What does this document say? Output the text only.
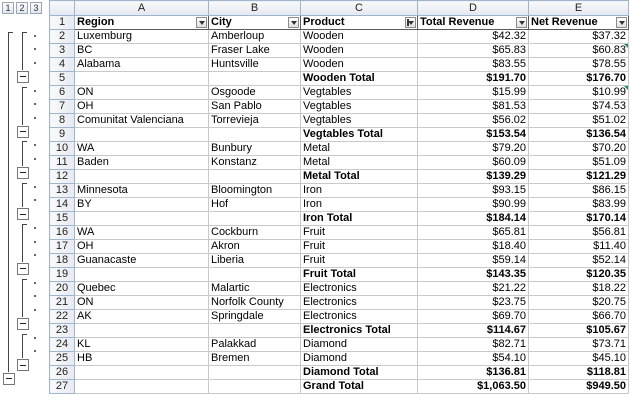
1 2 3
		A	B	C	D	E
1	Region	City	Product	Total Revenue	Net Revenue

2	Luxemburg	Amberloup	Wooden	$42.32	$37.32
3	BC	Fraser Lake	Wooden	$65.83	$60.83
4	Alabama	Huntsville	Wooden	$83.55	$78.55
5			Wooden Total	$191.70	$176.70
6	ON	Osgoode	Vegtables	$15.99	$10.99
7	OH	San Pablo	Vegtables	$81.53	$74.53
8	Comunitat Valenciana	Torrevieja	Vegtables	$56.02	$51.02
9			Vegtables Total	$153.54	$136.54
10	WA	Bunbury	Metal	$79.20	$70.20
11	Baden	Konstanz	Metal	$60.09	$51.09
12			Metal Total	$139.29	$121.29
13	Minnesota	Bloomington	Iron	$93.15	$86.15
14	BY	Hof	Iron	$90.99	$83.99
15			Iron Total	$184.14	$170.14
16	WA	Cockburn	Fruit	$65.81	$56.81
17	OH	Akron	Fruit	$18.40	$11.40
18	Guanacaste	Liberia	Fruit	$59.14	$52.14
19			Fruit Total	$143.35	$120.35
20	Quebec	Malartic	Electronics	$21.22	$18.22
21	ON	Norfolk County	Electronics	$23.75	$20.75
22	AK	Springdale	Electronics	$69.70	$66.70
23			Electronics Total	$114.67	$105.67
24	KL	Palakkad	Diamond	$82.71	$73.71
25	HB	Bremen	Diamond	$54.10	$45.10
26			Diamond Total	$136.81	$118.81
27			Grand Total	$1,063.50	$949.50
